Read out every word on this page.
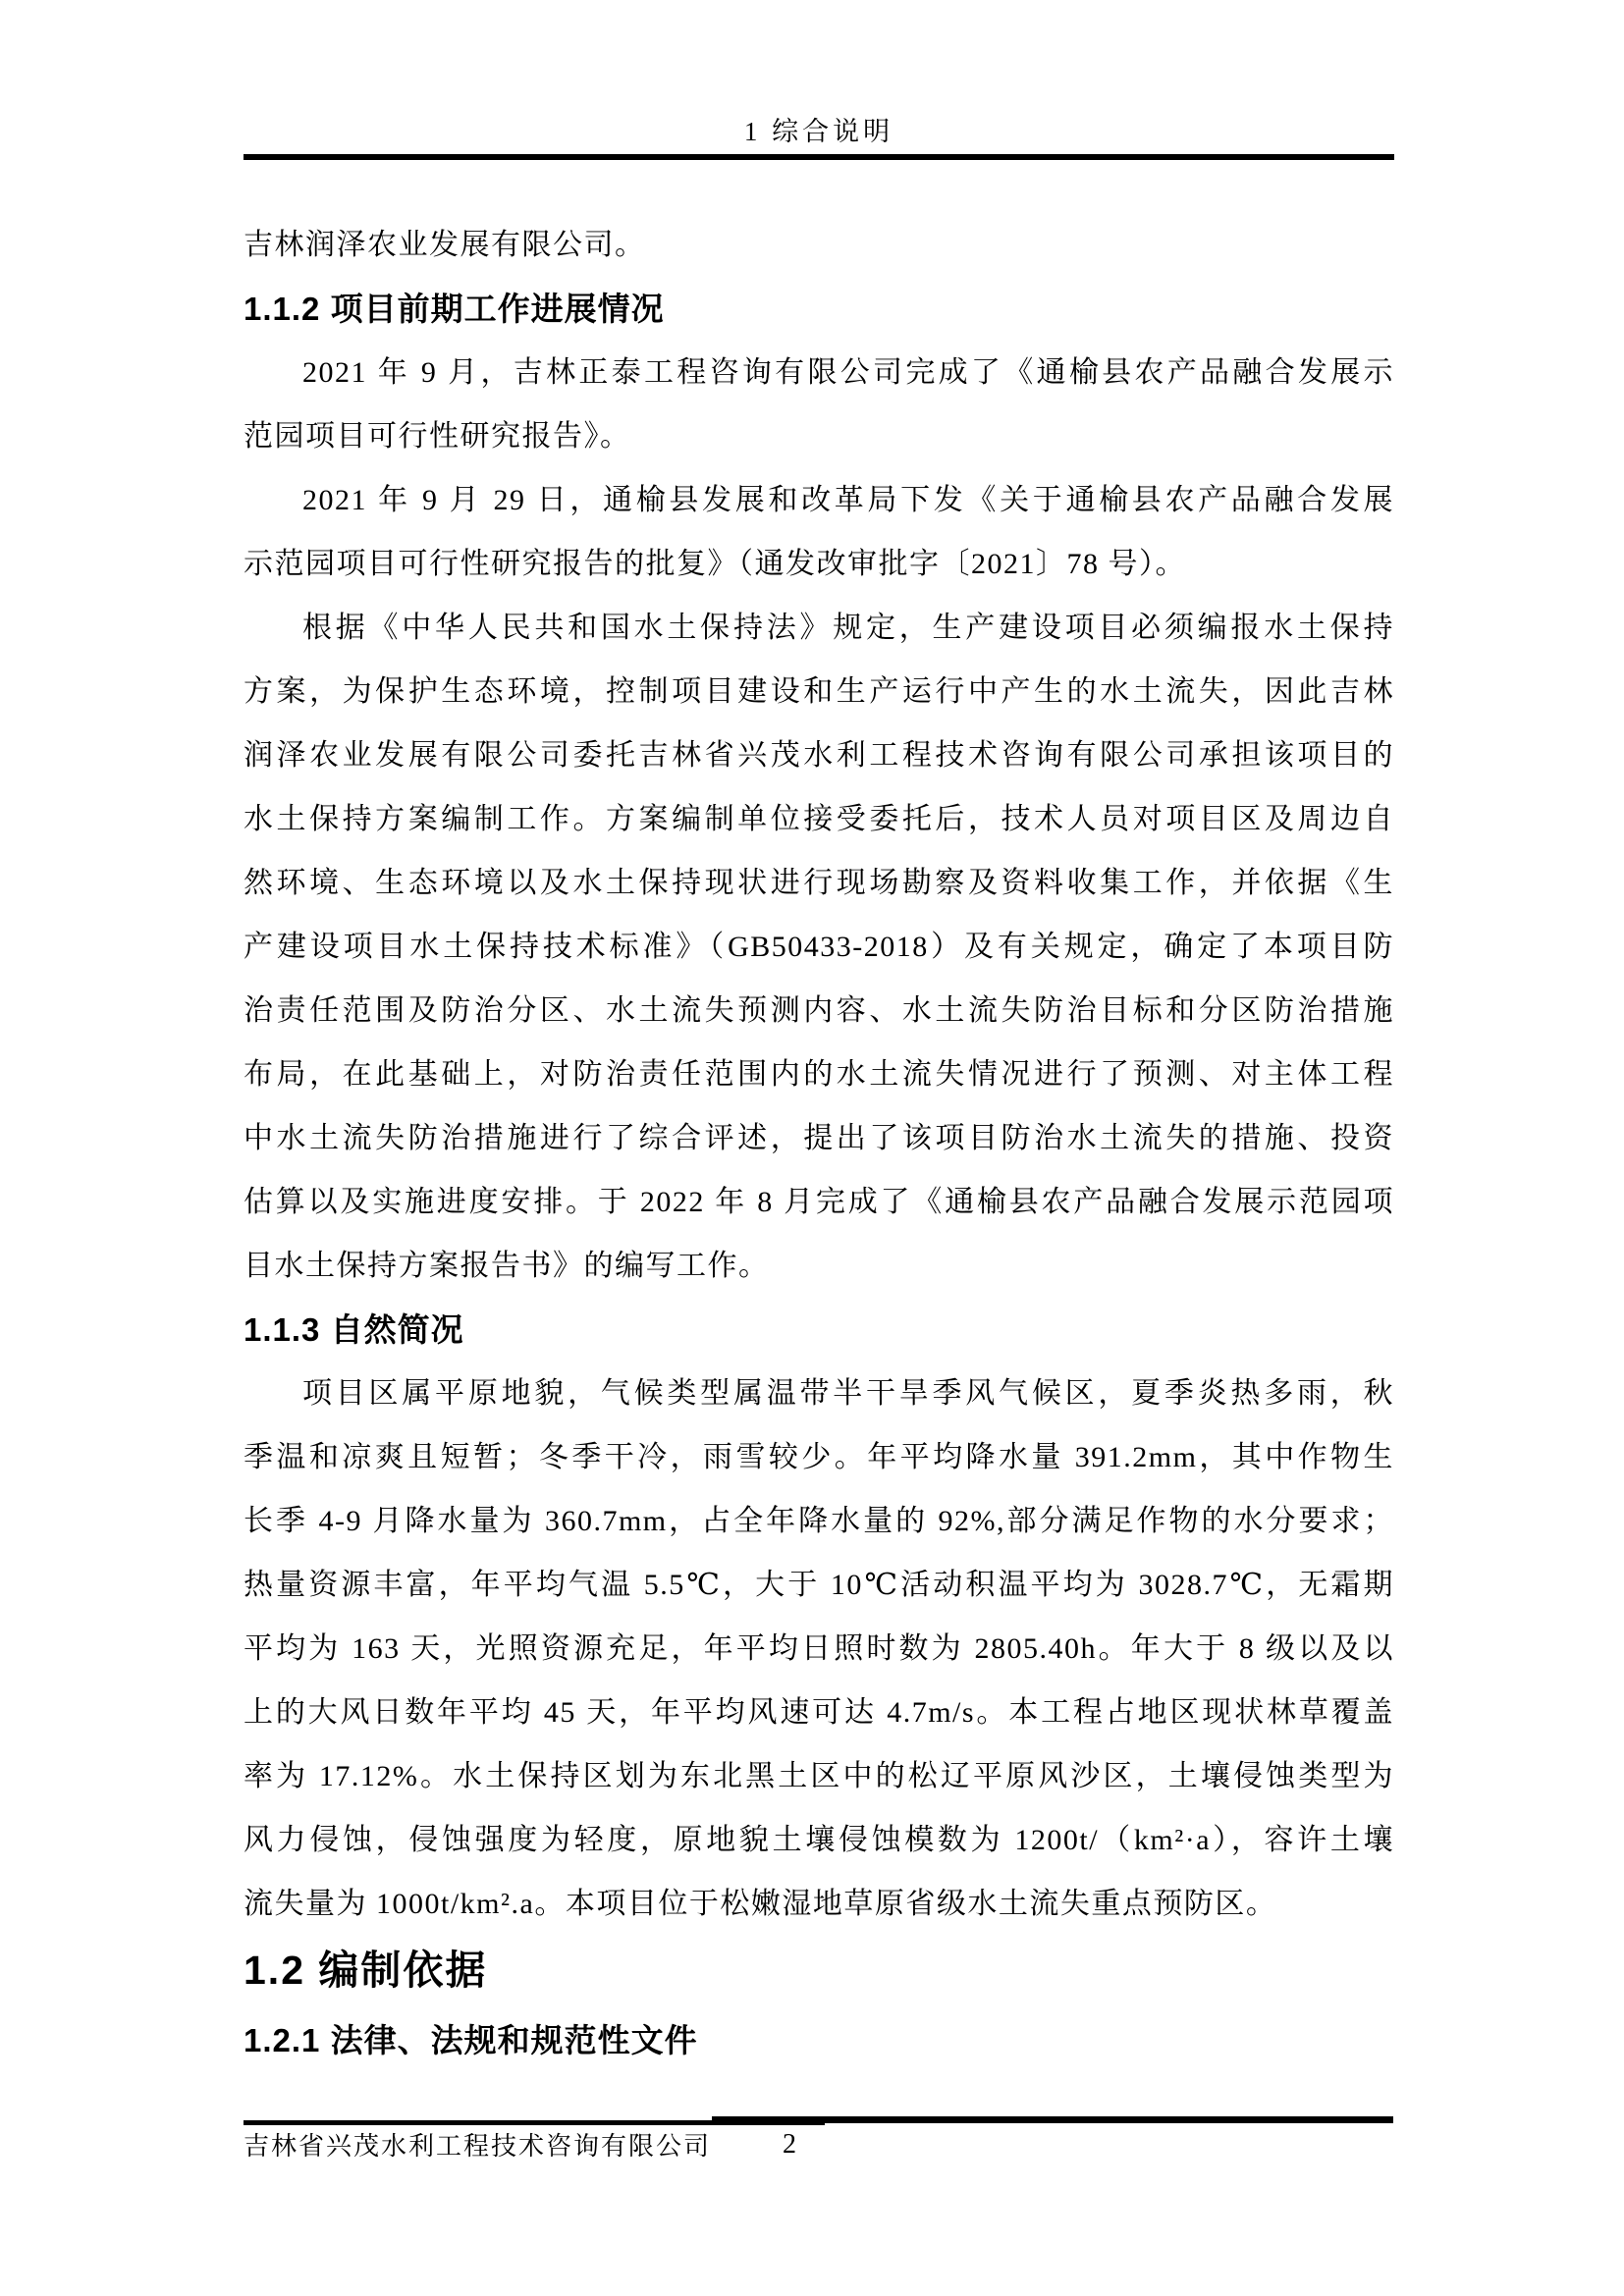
1 综合说明
吉林润泽农业发展有限公司。
1.1.2 项目前期工作进展情况
2021 年 9 月，吉林正泰工程咨询有限公司完成了《通榆县农产品融合发展示
范园项目可行性研究报告》。
2021 年 9 月 29 日，通榆县发展和改革局下发《关于通榆县农产品融合发展
示范园项目可行性研究报告的批复》（通发改审批字〔2021〕78 号）。
根据《中华人民共和国水土保持法》规定，生产建设项目必须编报水土保持
方案，为保护生态环境，控制项目建设和生产运行中产生的水土流失，因此吉林
润泽农业发展有限公司委托吉林省兴茂水利工程技术咨询有限公司承担该项目的
水土保持方案编制工作。方案编制单位接受委托后，技术人员对项目区及周边自
然环境、生态环境以及水土保持现状进行现场勘察及资料收集工作，并依据《生
产建设项目水土保持技术标准》（GB50433-2018）及有关规定，确定了本项目防
治责任范围及防治分区、水土流失预测内容、水土流失防治目标和分区防治措施
布局，在此基础上，对防治责任范围内的水土流失情况进行了预测、对主体工程
中水土流失防治措施进行了综合评述，提出了该项目防治水土流失的措施、投资
估算以及实施进度安排。于 2022 年 8 月完成了《通榆县农产品融合发展示范园项
目水土保持方案报告书》的编写工作。
1.1.3 自然简况
项目区属平原地貌，气候类型属温带半干旱季风气候区，夏季炎热多雨，秋
季温和凉爽且短暂；冬季干冷，雨雪较少。年平均降水量 391.2mm，其中作物生
长季 4-9 月降水量为 360.7mm，占全年降水量的 92%,部分满足作物的水分要求；
热量资源丰富，年平均气温 5.5℃，大于 10℃活动积温平均为 3028.7℃，无霜期
平均为 163 天，光照资源充足，年平均日照时数为 2805.40h。年大于 8 级以及以
上的大风日数年平均 45 天，年平均风速可达 4.7m/s。本工程占地区现状林草覆盖
率为 17.12%。水土保持区划为东北黑土区中的松辽平原风沙区，土壤侵蚀类型为
风力侵蚀，侵蚀强度为轻度，原地貌土壤侵蚀模数为 1200t/（km²·a），容许土壤
流失量为 1000t/km².a。本项目位于松嫩湿地草原省级水土流失重点预防区。
1.2 编制依据
1.2.1 法律、法规和规范性文件
吉林省兴茂水利工程技术咨询有限公司	2
